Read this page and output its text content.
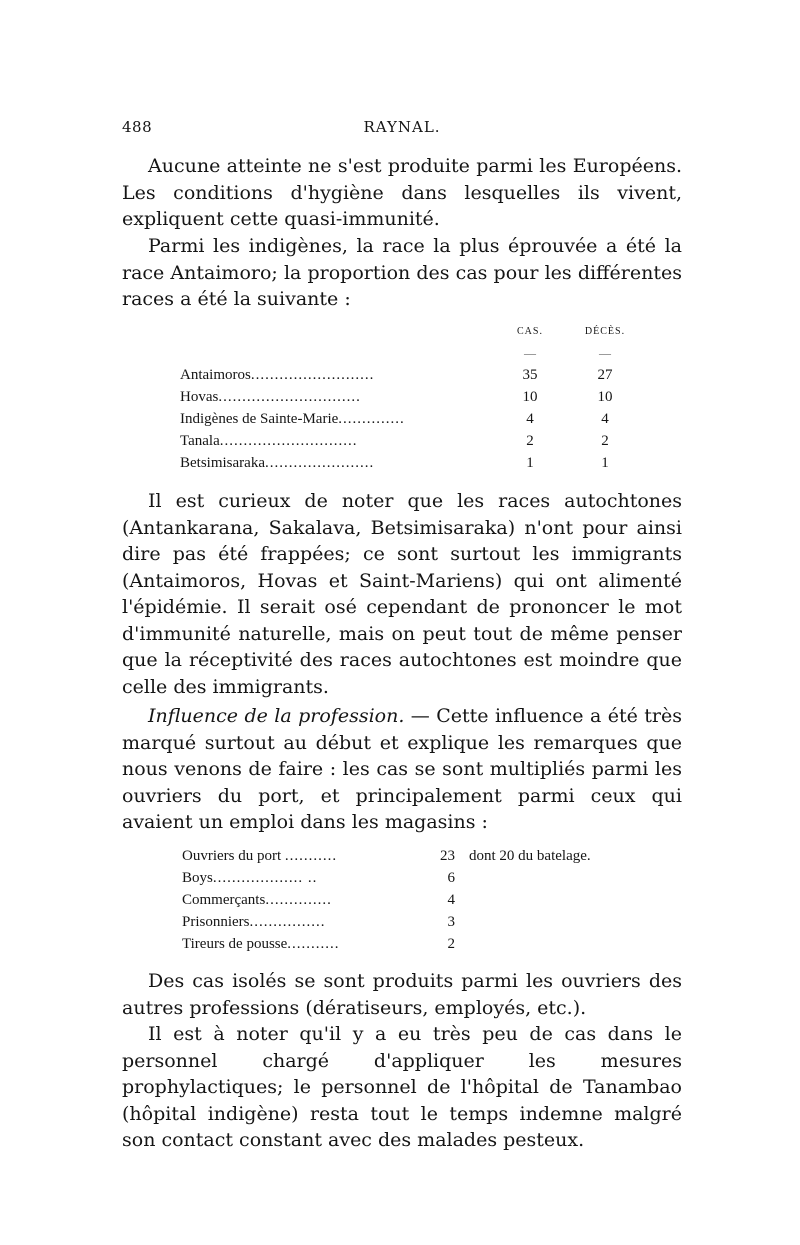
488	RAYNAL.

Aucune atteinte ne s'est produite parmi les Européens. Les conditions d'hygiène dans lesquelles ils vivent, expliquent cette quasi-immunité.

Parmi les indigènes, la race la plus éprouvée a été la race Antaimoro; la proportion des cas pour les différentes races a été la suivante :

	CAS.	DÉCÈS.
	—	—
Antaimoros..........................	35	27
Hovas..............................	10	10
Indigènes de Sainte-Marie..............	4	4
Tanala.............................	2	2
Betsimisaraka.......................	1	1

Il est curieux de noter que les races autochtones (Antankarana, Sakalava, Betsimisaraka) n'ont pour ainsi dire pas été frappées; ce sont surtout les immigrants (Antaimoros, Hovas et Saint-Mariens) qui ont alimenté l'épidémie. Il serait osé cependant de prononcer le mot d'immunité naturelle, mais on peut tout de même penser que la réceptivité des races autochtones est moindre que celle des immigrants.

Influence de la profession. — Cette influence a été très marqué surtout au début et explique les remarques que nous venons de faire : les cas se sont multipliés parmi les ouvriers du port, et principalement parmi ceux qui avaient un emploi dans les magasins :

Ouvriers du port ...........	23	dont 20 du batelage.
Boys................... ..	6	
Commerçants..............	4	
Prisonniers................	3	
Tireurs de pousse...........	2	

Des cas isolés se sont produits parmi les ouvriers des autres professions (dératiseurs, employés, etc.).

Il est à noter qu'il y a eu très peu de cas dans le personnel chargé d'appliquer les mesures prophylactiques; le personnel de l'hôpital de Tanambao (hôpital indigène) resta tout le temps indemne malgré son contact constant avec des malades pesteux.
